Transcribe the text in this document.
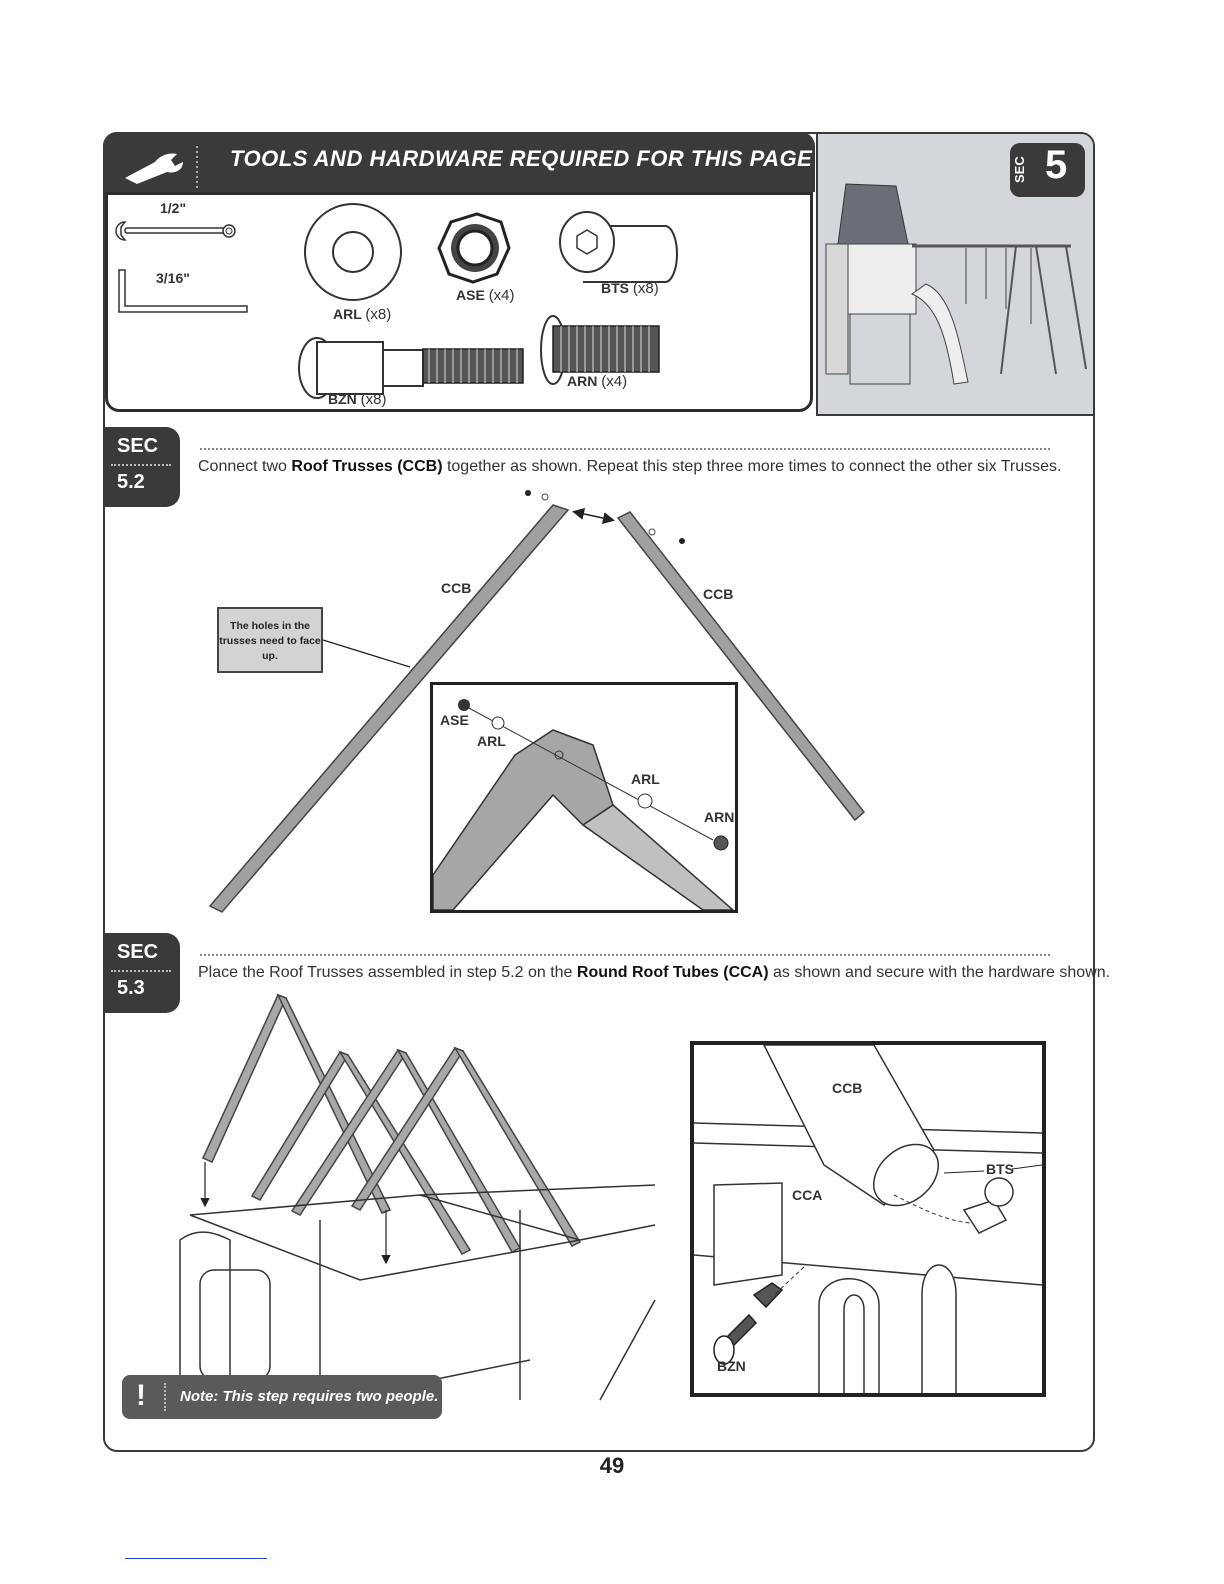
TOOLS AND HARDWARE REQUIRED FOR THIS PAGE
1/2"
3/16"
ARL (x8)
ASE (x4)	BTS (x8)
BZN (x8)
ARN (x4)
SEC 5
SEC
5.2
Connect two Roof Trusses (CCB) together as shown. Repeat this step three more times to connect the other six Trusses.
CCB	CCB
The holes in the trusses need to face up.
ASE
ARL
ARL
ARN
SEC
5.3
Place the Roof Trusses assembled in step 5.2 on the Round Roof Tubes (CCA) as shown and secure with the hardware shown.
CCB
BTS
CCA
BZN
! Note: This step requires two people.
49
